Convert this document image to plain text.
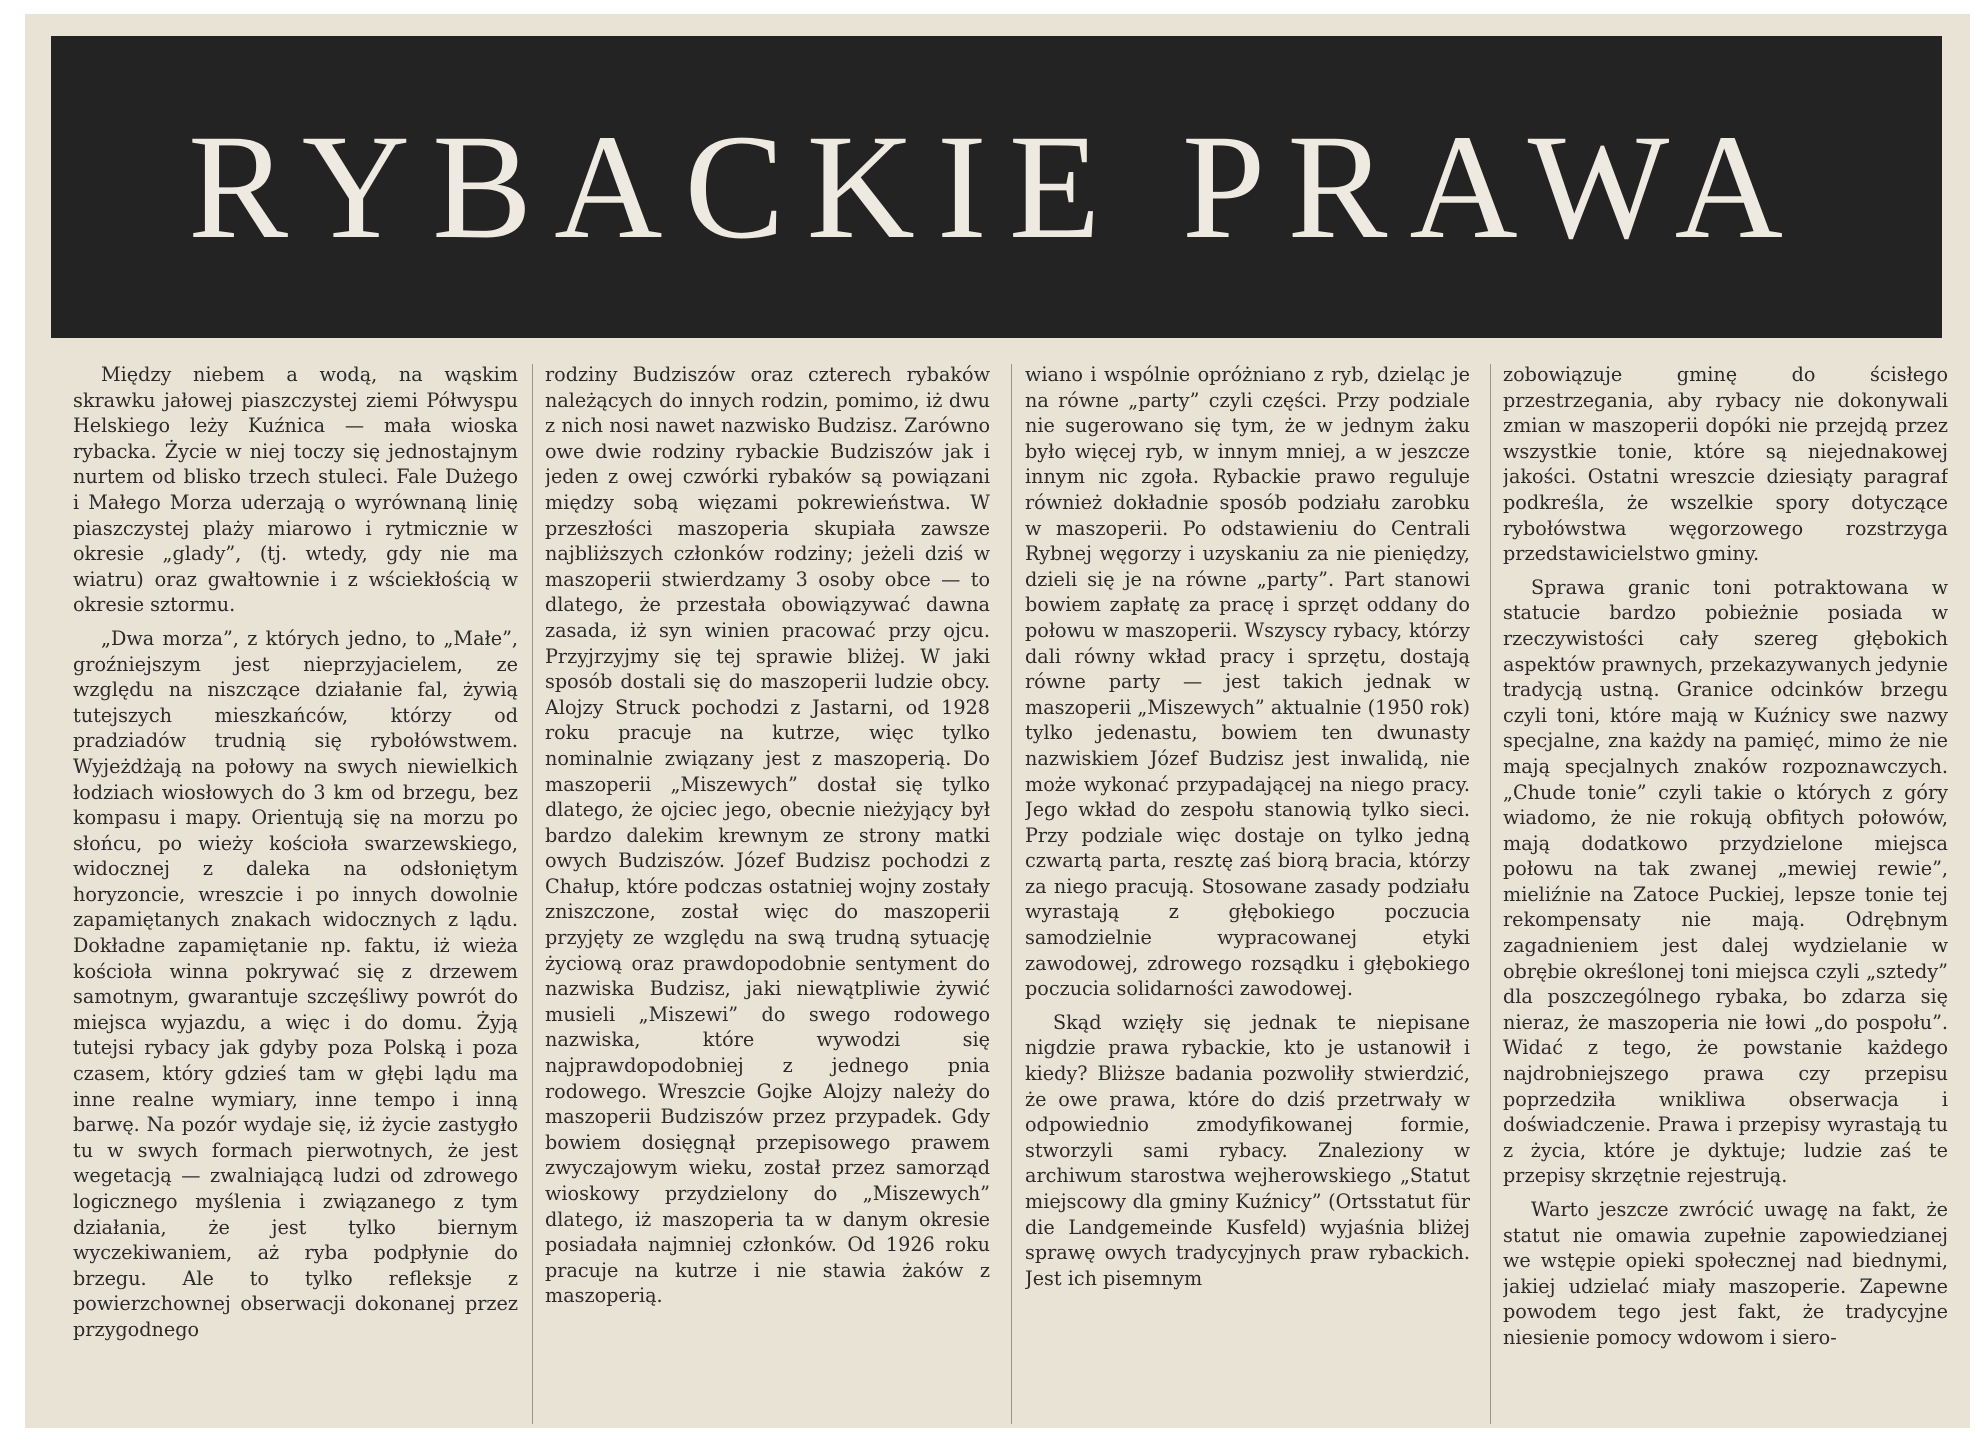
RYBACKIE PRAWA

Między niebem a wodą, na wąskim skrawku jałowej piaszczystej ziemi Półwyspu Helskiego leży Kuźnica — mała wioska rybacka. Życie w niej toczy się jednostajnym nurtem od blisko trzech stuleci. Fale Dużego i Małego Morza uderzają o wyrównaną linię piaszczystej plaży miarowo i rytmicznie w okresie „glady”, (tj. wtedy, gdy nie ma wiatru) oraz gwałtownie i z wściekłością w okresie sztormu.

„Dwa morza”, z których jedno, to „Małe”, groźniejszym jest nieprzyjacielem, ze względu na niszczące działanie fal, żywią tutejszych mieszkańców, którzy od pradziadów trudnią się rybołówstwem. Wyjeżdżają na połowy na swych niewielkich łodziach wiosłowych do 3 km od brzegu, bez kompasu i mapy. Orientują się na morzu po słońcu, po wieży kościoła swarzewskiego, widocznej z daleka na odsłoniętym horyzoncie, wreszcie i po innych dowolnie zapamiętanych znakach widocznych z lądu. Dokładne zapamiętanie np. faktu, iż wieża kościoła winna pokrywać się z drzewem samotnym, gwarantuje szczęśliwy powrót do miejsca wyjazdu, a więc i do domu. Żyją tutejsi rybacy jak gdyby poza Polską i poza czasem, który gdzieś tam w głębi lądu ma inne realne wymiary, inne tempo i inną barwę. Na pozór wydaje się, iż życie zastygło tu w swych formach pierwotnych, że jest wegetacją — zwalniającą ludzi od zdrowego logicznego myślenia i związanego z tym działania, że jest tylko biernym wyczekiwaniem, aż ryba podpłynie do brzegu. Ale to tylko refleksje z powierzchownej obserwacji dokonanej przez przygodnego

rodziny Budziszów oraz czterech rybaków należących do innych rodzin, pomimo, iż dwu z nich nosi nawet nazwisko Budzisz. Zarówno owe dwie rodziny rybackie Budziszów jak i jeden z owej czwórki rybaków są powiązani między sobą więzami pokrewieństwa. W przeszłości maszoperia skupiała zawsze najbliższych członków rodziny; jeżeli dziś w maszoperii stwierdzamy 3 osoby obce — to dlatego, że przestała obowiązywać dawna zasada, iż syn winien pracować przy ojcu. Przyjrzyjmy się tej sprawie bliżej. W jaki sposób dostali się do maszoperii ludzie obcy. Alojzy Struck pochodzi z Jastarni, od 1928 roku pracuje na kutrze, więc tylko nominalnie związany jest z maszoperią. Do maszoperii „Miszewych” dostał się tylko dlatego, że ojciec jego, obecnie nieżyjący był bardzo dalekim krewnym ze strony matki owych Budziszów. Józef Budzisz pochodzi z Chałup, które podczas ostatniej wojny zostały zniszczone, został więc do maszoperii przyjęty ze względu na swą trudną sytuację życiową oraz prawdopodobnie sentyment do nazwiska Budzisz, jaki niewątpliwie żywić musieli „Miszewi” do swego rodowego nazwiska, które wywodzi się najprawdopodobniej z jednego pnia rodowego. Wreszcie Gojke Alojzy należy do maszoperii Budziszów przez przypadek. Gdy bowiem dosięgnął przepisowego prawem zwyczajowym wieku, został przez samorząd wioskowy przydzielony do „Miszewych” dlatego, iż maszoperia ta w danym okresie posiadała najmniej członków. Od 1926 roku pracuje na kutrze i nie stawia żaków z maszoperią.

wiano i wspólnie opróżniano z ryb, dzieląc je na równe „party” czyli części. Przy podziale nie sugerowano się tym, że w jednym żaku było więcej ryb, w innym mniej, a w jeszcze innym nic zgoła. Rybackie prawo reguluje również dokładnie sposób podziału zarobku w maszoperii. Po odstawieniu do Centrali Rybnej węgorzy i uzyskaniu za nie pieniędzy, dzieli się je na równe „party”. Part stanowi bowiem zapłatę za pracę i sprzęt oddany do połowu w maszoperii. Wszyscy rybacy, którzy dali równy wkład pracy i sprzętu, dostają równe party — jest takich jednak w maszoperii „Miszewych” aktualnie (1950 rok) tylko jedenastu, bowiem ten dwunasty nazwiskiem Józef Budzisz jest inwalidą, nie może wykonać przypadającej na niego pracy. Jego wkład do zespołu stanowią tylko sieci. Przy podziale więc dostaje on tylko jedną czwartą parta, resztę zaś biorą bracia, którzy za niego pracują. Stosowane zasady podziału wyrastają z głębokiego poczucia samodzielnie wypracowanej etyki zawodowej, zdrowego rozsądku i głębokiego poczucia solidarności zawodowej.

Skąd wzięły się jednak te niepisane nigdzie prawa rybackie, kto je ustanowił i kiedy? Bliższe badania pozwoliły stwierdzić, że owe prawa, które do dziś przetrwały w odpowiednio zmodyfikowanej formie, stworzyli sami rybacy. Znaleziony w archiwum starostwa wejherowskiego „Statut miejscowy dla gminy Kuźnicy” (Ortsstatut für die Landgemeinde Kusfeld) wyjaśnia bliżej sprawę owych tradycyjnych praw rybackich. Jest ich pisemnym

zobowiązuje gminę do ścisłego przestrzegania, aby rybacy nie dokonywali zmian w maszoperii dopóki nie przejdą przez wszystkie tonie, które są niejednakowej jakości. Ostatni wreszcie dziesiąty paragraf podkreśla, że wszelkie spory dotyczące rybołówstwa węgorzowego rozstrzyga przedstawicielstwo gminy.

Sprawa granic toni potraktowana w statucie bardzo pobieżnie posiada w rzeczywistości cały szereg głębokich aspektów prawnych, przekazywanych jedynie tradycją ustną. Granice odcinków brzegu czyli toni, które mają w Kuźnicy swe nazwy specjalne, zna każdy na pamięć, mimo że nie mają specjalnych znaków rozpoznawczych. „Chude tonie” czyli takie o których z góry wiadomo, że nie rokują obfitych połowów, mają dodatkowo przydzielone miejsca połowu na tak zwanej „mewiej rewie”, mieliźnie na Zatoce Puckiej, lepsze tonie tej rekompensaty nie mają. Odrębnym zagadnieniem jest dalej wydzielanie w obrębie określonej toni miejsca czyli „sztedy” dla poszczególnego rybaka, bo zdarza się nieraz, że maszoperia nie łowi „do pospołu”. Widać z tego, że powstanie każdego najdrobniejszego prawa czy przepisu poprzedziła wnikliwa obserwacja i doświadczenie. Prawa i przepisy wyrastają tu z życia, które je dyktuje; ludzie zaś te przepisy skrzętnie rejestrują.

Warto jeszcze zwrócić uwagę na fakt, że statut nie omawia zupełnie zapowiedzianej we wstępie opieki społecznej nad biednymi, jakiej udzielać miały maszoperie. Zapewne powodem tego jest fakt, że tradycyjne niesienie pomocy wdowom i siero-
